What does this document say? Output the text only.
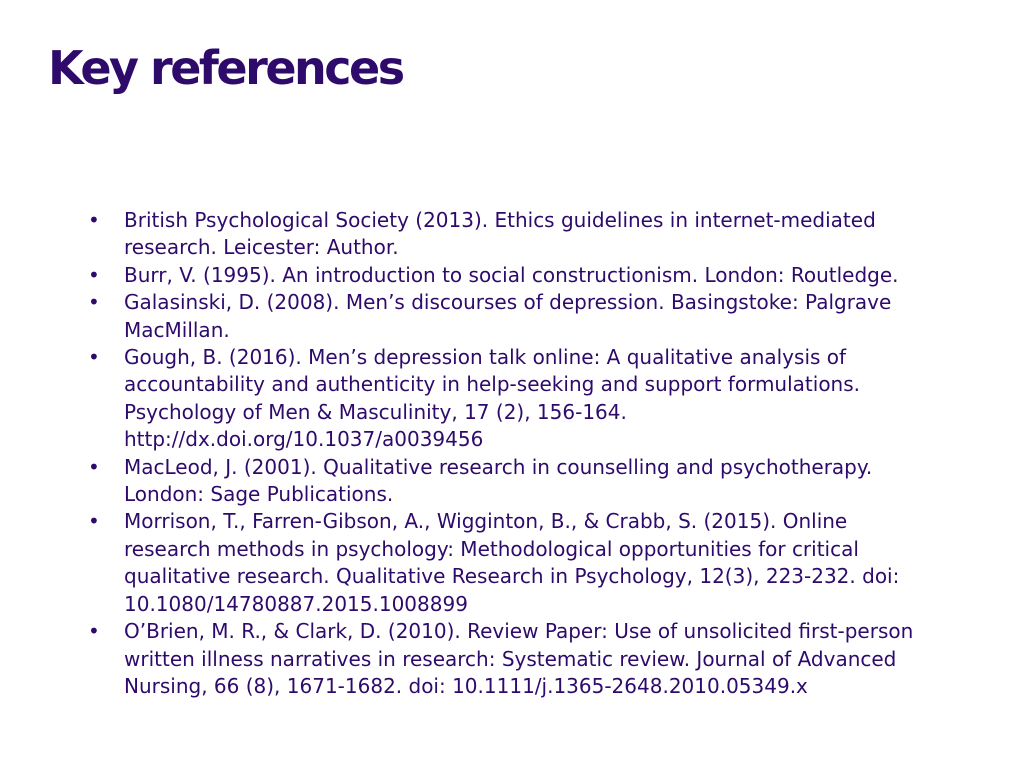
Key references
•	British Psychological Society (2013). Ethics guidelines in internet-mediated research. Leicester: Author.
•	Burr, V. (1995). An introduction to social constructionism. London: Routledge.
•	Galasinski, D. (2008). Men’s discourses of depression. Basingstoke: Palgrave MacMillan.
•	Gough, B. (2016). Men’s depression talk online: A qualitative analysis of accountability and authenticity in help-seeking and support formulations. Psychology of Men & Masculinity, 17 (2), 156-164. http://dx.doi.org/10.1037/a0039456
•	MacLeod, J. (2001). Qualitative research in counselling and psychotherapy. London: Sage Publications.
•	Morrison, T., Farren-Gibson, A., Wigginton, B., & Crabb, S. (2015). Online research methods in psychology: Methodological opportunities for critical qualitative research. Qualitative Research in Psychology, 12(3), 223-232. doi: 10.1080/14780887.2015.1008899
•	O’Brien, M. R., & Clark, D. (2010). Review Paper: Use of unsolicited first-person written illness narratives in research: Systematic review. Journal of Advanced Nursing, 66 (8), 1671-1682. doi: 10.1111/j.1365-2648.2010.05349.x
